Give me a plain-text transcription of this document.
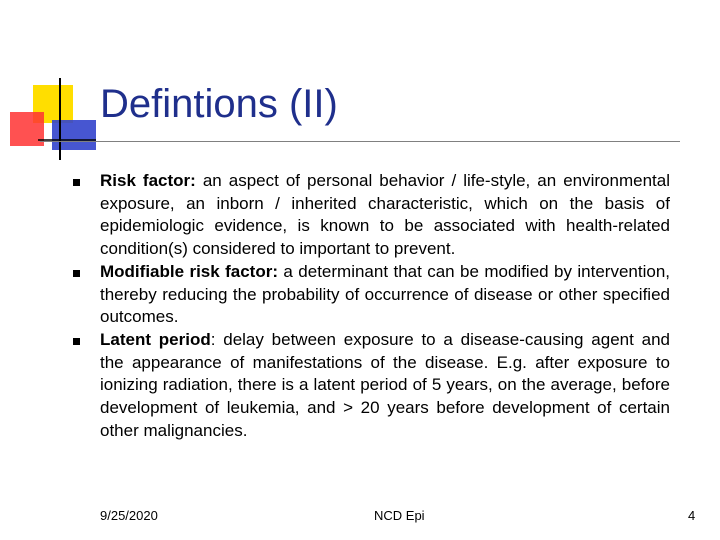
Defintions (II)
Risk factor: an aspect of personal behavior / life-style, an environmental exposure, an inborn / inherited characteristic, which on the basis of epidemiologic evidence, is known to be associated with health-related condition(s) considered to important to prevent.
Modifiable risk factor: a determinant that can be modified by intervention, thereby reducing the probability of occurrence of disease or other specified outcomes.
Latent period: delay between exposure to a disease-causing agent and the appearance of manifestations of the disease. E.g. after exposure to ionizing radiation, there is a latent period of 5 years, on the average, before development of leukemia, and > 20 years before development of certain other malignancies.
9/25/2020	NCD Epi	4
